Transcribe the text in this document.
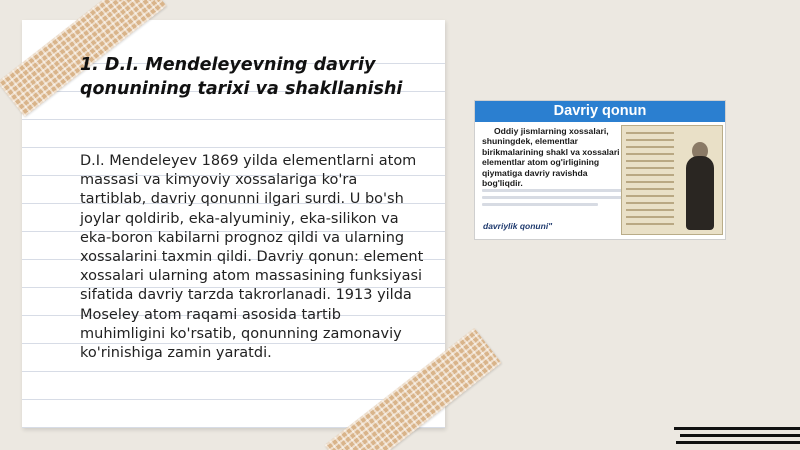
1. D.I. Mendeleyevning davriy qonunining tarixi va shakllanishi
D.I. Mendeleyev 1869 yilda elementlarni atom massasi va kimyoviy xossalariga ko'ra tartiblab, davriy qonunni ilgari surdi. U bo'sh joylar qoldirib, eka-alyuminiy, eka-silikon va eka-boron kabilarni prognoz qildi va ularning xossalarini taxmin qildi. Davriy qonun: element xossalari ularning atom massasining funksiyasi sifatida davriy tarzda takrorlanadi. 1913 yilda Moseley atom raqami asosida tartib muhimligini ko'rsatib, qonunning zamonaviy ko'rinishiga zamin yaratdi.
Davriy qonun
Oddiy jismlarning xossalari, shuningdek, elementlar birikmalarining shakl va xossalari elementlar atom og'irligining qiymatiga davriy ravishda bog'liqdir.
davriylik qonuni"
